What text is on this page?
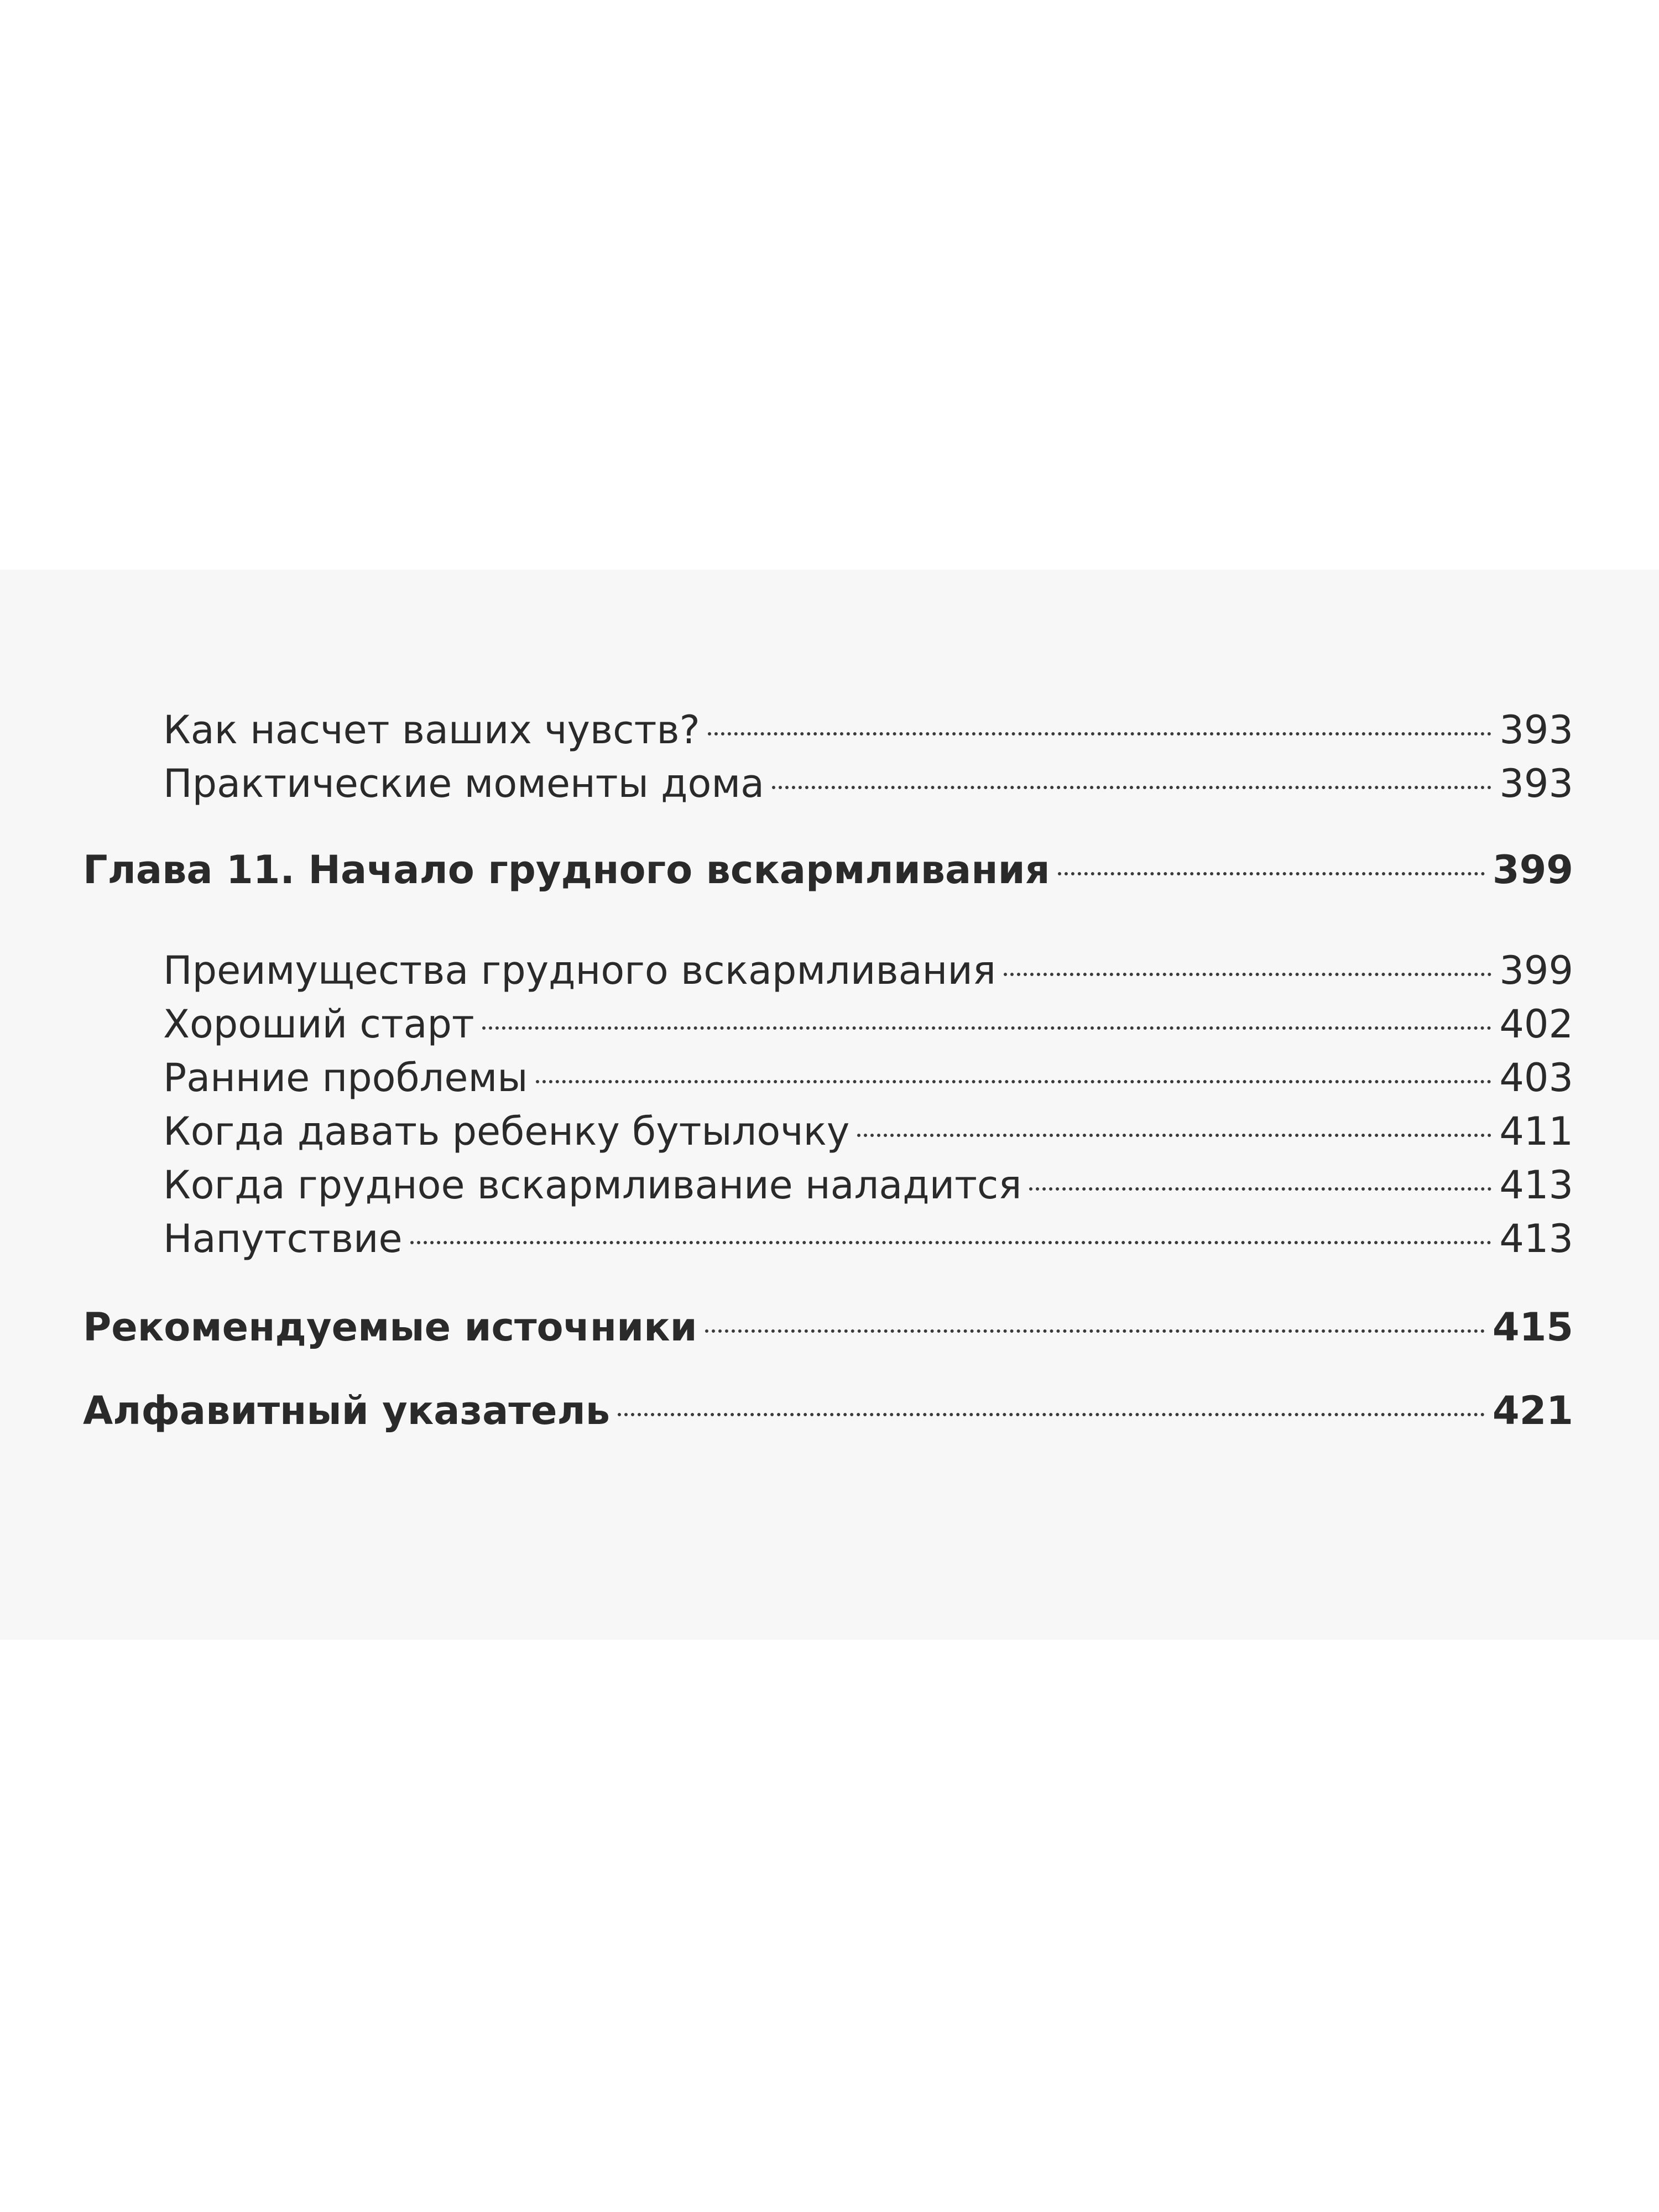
Как насчет ваших чувств?	393
Практические моменты дома	393
Глава 11. Начало грудного вскармливания	399
Преимущества грудного вскармливания	399
Хороший старт	402
Ранние проблемы	403
Когда давать ребенку бутылочку	411
Когда грудное вскармливание наладится	413
Напутствие	413
Рекомендуемые источники	415
Алфавитный указатель	421
